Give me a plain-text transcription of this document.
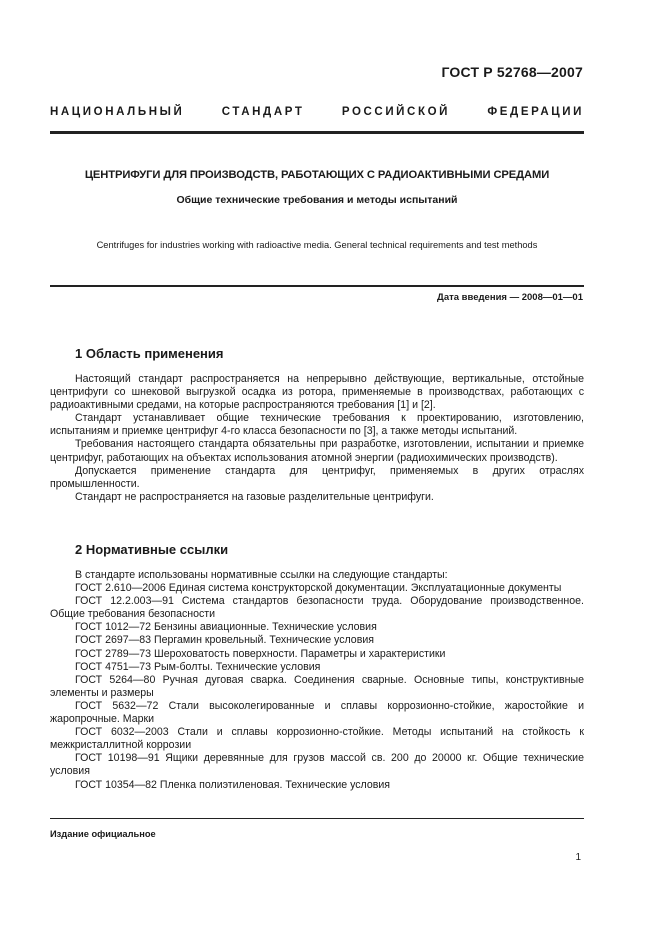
ГОСТ Р 52768—2007
НАЦИОНАЛЬНЫЙ СТАНДАРТ РОССИЙСКОЙ ФЕДЕРАЦИИ
ЦЕНТРИФУГИ ДЛЯ ПРОИЗВОДСТВ, РАБОТАЮЩИХ С РАДИОАКТИВНЫМИ СРЕДАМИ
Общие технические требования и методы испытаний
Centrifuges for industries working with radioactive media. General technical requirements and test methods
Дата введения — 2008—01—01
1 Область применения

Настоящий стандарт распространяется на непрерывно действующие, вертикальные, отстойные центрифуги со шнековой выгрузкой осадка из ротора, применяемые в производствах, работающих с радиоактивными средами, на которые распространяются требования [1] и [2].

Стандарт устанавливает общие технические требования к проектированию, изготовлению, испытаниям и приемке центрифуг 4-го класса безопасности по [3], а также методы испытаний.

Требования настоящего стандарта обязательны при разработке, изготовлении, испытании и приемке центрифуг, работающих на объектах использования атомной энергии (радиохимических производств).

Допускается применение стандарта для центрифуг, применяемых в других отраслях промышленности.

Стандарт не распространяется на газовые разделительные центрифуги.

2 Нормативные ссылки

В стандарте использованы нормативные ссылки на следующие стандарты:

ГОСТ 2.610—2006 Единая система конструкторской документации. Эксплуатационные документы

ГОСТ 12.2.003—91 Система стандартов безопасности труда. Оборудование производственное. Общие требования безопасности

ГОСТ 1012—72 Бензины авиационные. Технические условия

ГОСТ 2697—83 Пергамин кровельный. Технические условия

ГОСТ 2789—73 Шероховатость поверхности. Параметры и характеристики

ГОСТ 4751—73 Рым-болты. Технические условия

ГОСТ 5264—80 Ручная дуговая сварка. Соединения сварные. Основные типы, конструктивные элементы и размеры

ГОСТ 5632—72 Стали высоколегированные и сплавы коррозионно-стойкие, жаростойкие и жаропрочные. Марки

ГОСТ 6032—2003 Стали и сплавы коррозионно-стойкие. Методы испытаний на стойкость к межкристаллитной коррозии

ГОСТ 10198—91 Ящики деревянные для грузов массой св. 200 до 20000 кг. Общие технические условия

ГОСТ 10354—82 Пленка полиэтиленовая. Технические условия

Издание официальное
1
